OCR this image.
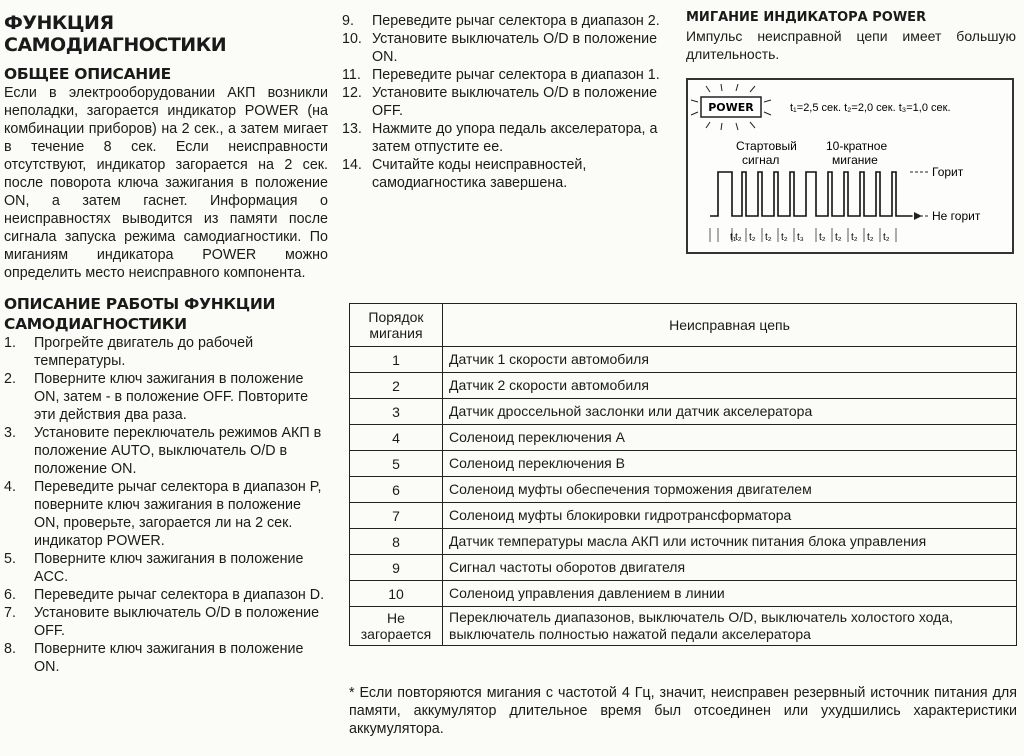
ФУНКЦИЯ САМОДИАГНОСТИКИ
ОБЩЕЕ ОПИСАНИЕ

Если в электрооборудовании АКП возникли неполадки, загорается индикатор POWER (на комбинации приборов) на 2 сек., а затем мигает в течение 8 сек. Если неисправности отсутствуют, индикатор загорается на 2 сек. после поворота ключа зажигания в положение ON, а затем гаснет. Информация о неисправностях выводится из памяти после сигнала запуска режима самодиагностики. По миганиям индикатора POWER можно определить место неисправного компонента.

ОПИСАНИЕ РАБОТЫ ФУНКЦИИ САМОДИАГНОСТИКИ
1. Прогрейте двигатель до рабочей температуры.
2. Поверните ключ зажигания в положение ON, затем - в положение OFF. Повторите эти действия два раза.
3. Установите переключатель режимов АКП в положение AUTO, выключатель O/D в положение ON.
4. Переведите рычаг селектора в диапазон P, поверните ключ зажигания в положение ON, проверьте, загорается ли на 2 сек. индикатор POWER.
5. Поверните ключ зажигания в положение ACC.
6. Переведите рычаг селектора в диапазон D.
7. Установите выключатель O/D в положение OFF.
8. Поверните ключ зажигания в положение ON.
9. Переведите рычаг селектора в диапазон 2.
10. Установите выключатель O/D в положение ON.
11. Переведите рычаг селектора в диапазон 1.
12. Установите выключатель O/D в положение OFF.
13. Нажмите до упора педаль акселератора, а затем отпустите ее.
14. Считайте коды неисправностей, самодиагностика завершена.
МИГАНИЕ ИНДИКАТОРА POWER

Импульс неисправной цепи имеет большую длительность.

POWER	t₁=2,5 сек. t₂=2,0 сек. t₃=1,0 сек.
Стартовый
сигнал
10-кратное
мигание
Горит
Не горит
t₁
t₂ t₂ t₂ t₂ t₃ t₂ t₂ t₂ t₂ t₂
Порядок мигания	Неисправная цепь
1	Датчик 1 скорости автомобиля
2	Датчик 2 скорости автомобиля
3	Датчик дроссельной заслонки или датчик акселератора
4	Соленоид переключения A
5	Соленоид переключения B
6	Соленоид муфты обеспечения торможения двигателем
7	Соленоид муфты блокировки гидротрансформатора
8	Датчик температуры масла АКП или источник питания блока управления
9	Сигнал частоты оборотов двигателя
10	Соленоид управления давлением в линии
Не загорается	Переключатель диапазонов, выключатель O/D, выключатель холостого хода, выключатель полностью нажатой педали акселератора
* Если повторяются мигания с частотой 4 Гц, значит, неисправен резервный источник питания для памяти, аккумулятор длительное время был отсоединен или ухудшились характеристики аккумулятора.
